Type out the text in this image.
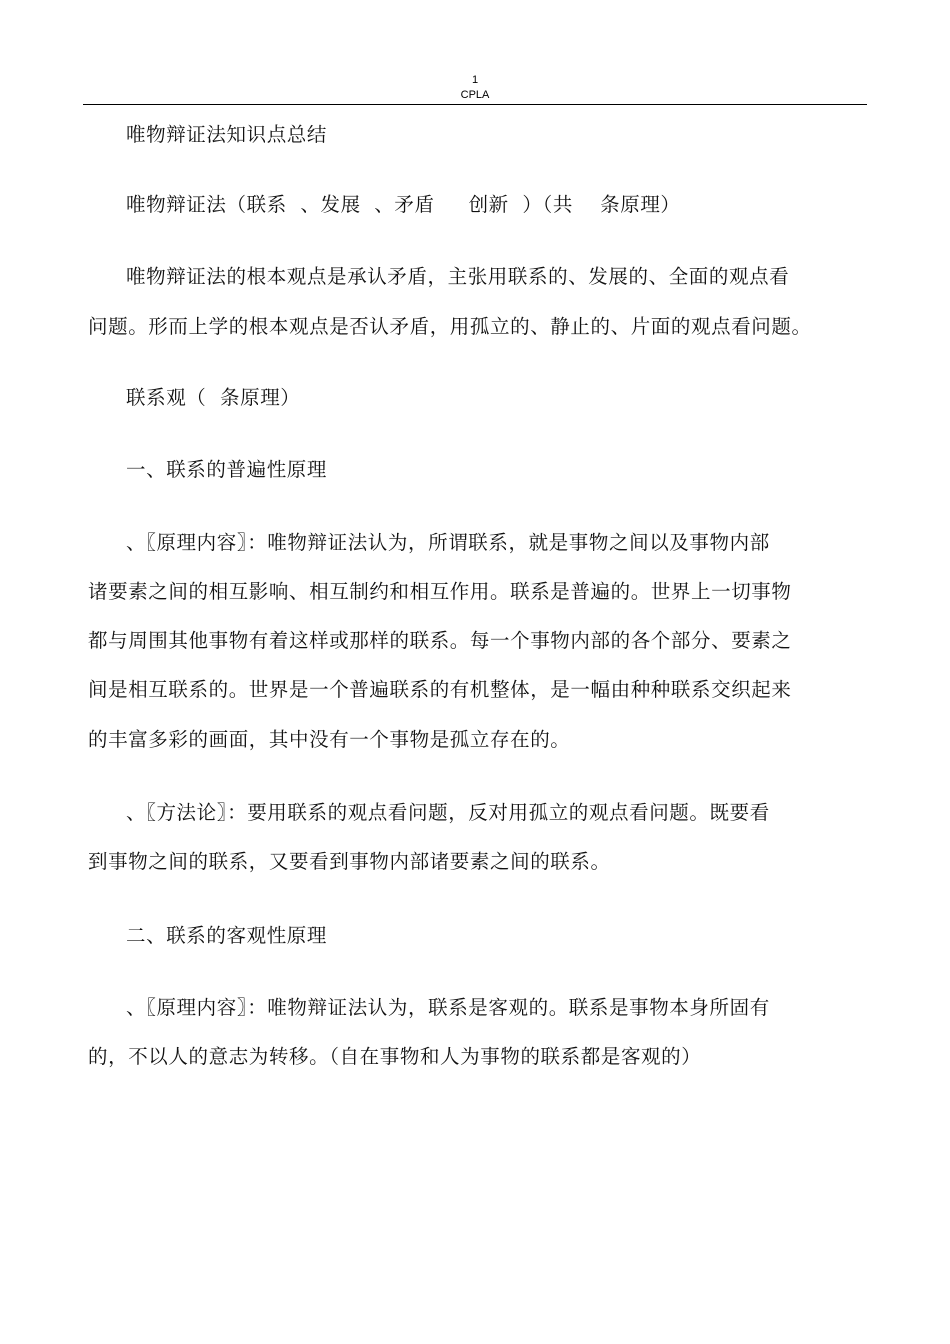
1
CPLA
唯物辩证法知识点总结
唯物辩证法（联系  、发展  、矛盾     创新  ）（共    条原理）
唯物辩证法的根本观点是承认矛盾，主张用联系的、发展的、全面的观点看
问题。形而上学的根本观点是否认矛盾，用孤立的、静止的、片面的观点看问题。
联系观（  条原理）
一、联系的普遍性原理
、〖原理内容〗：唯物辩证法认为，所谓联系，就是事物之间以及事物内部
诸要素之间的相互影响、相互制约和相互作用。联系是普遍的。世界上一切事物
都与周围其他事物有着这样或那样的联系。每一个事物内部的各个部分、要素之
间是相互联系的。世界是一个普遍联系的有机整体，是一幅由种种联系交织起来
的丰富多彩的画面，其中没有一个事物是孤立存在的。
、〖方法论〗：要用联系的观点看问题，反对用孤立的观点看问题。既要看
到事物之间的联系，又要看到事物内部诸要素之间的联系。
二、联系的客观性原理
、〖原理内容〗：唯物辩证法认为，联系是客观的。联系是事物本身所固有
的，不以人的意志为转移。（自在事物和人为事物的联系都是客观的）
